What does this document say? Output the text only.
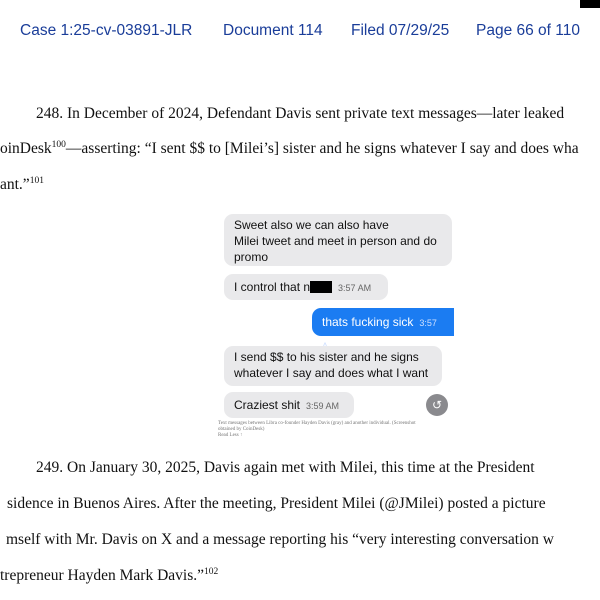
Case 1:25-cv-03891-JLR Document 114 Filed 07/29/25 Page 66 of 110
248. In December of 2024, Defendant Davis sent private text messages—later leaked
oinDesk$^{100}$—asserting: “I sent $$ to [Milei’s] sister and he signs whatever I say and does wha
ant.”$^{101}$
Sweet also we can also have
Milei tweet and meet in person and do
promo
I control that n	3:57 AM
thats fucking sick 3:57
I send $$ to his sister and he signs
whatever I say and does what I want
Craziest shit 3:59 AM	↺
Text messages between Libra co-founder Hayden Davis (gray) and another individual. (Screenshot
obtained by CoinDesk)
Read Less ↑
249. On January 30, 2025, Davis again met with Milei, this time at the President
sidence in Buenos Aires. After the meeting, President Milei (@JMilei) posted a picture
mself with Mr. Davis on X and a message reporting his “very interesting conversation w
trepreneur Hayden Mark Davis.”$^{102}$
